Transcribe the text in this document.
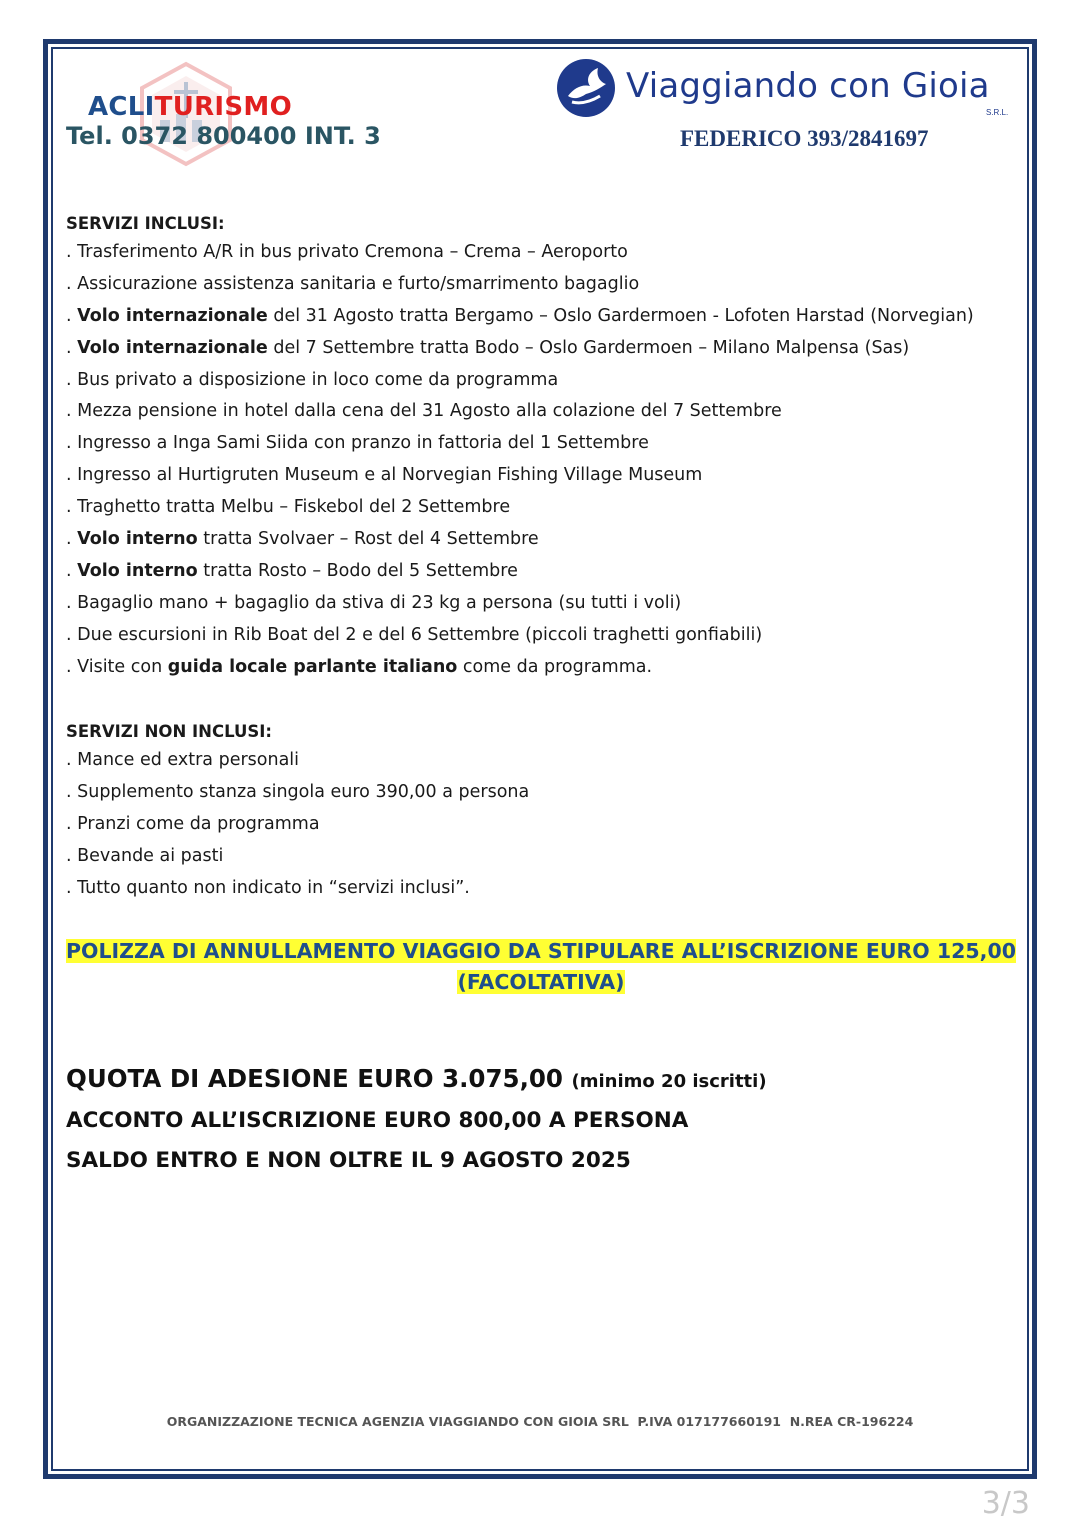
ACLITURISMO
Tel. 0372 800400 INT. 3
Viaggiando con Gioia
S.R.L.
FEDERICO 393/2841697
SERVIZI INCLUSI:
. Trasferimento A/R in bus privato Cremona – Crema – Aeroporto
. Assicurazione assistenza sanitaria e furto/smarrimento bagaglio
. Volo internazionale del 31 Agosto tratta Bergamo – Oslo Gardermoen - Lofoten Harstad (Norvegian)
. Volo internazionale del 7 Settembre tratta Bodo – Oslo Gardermoen – Milano Malpensa (Sas)
. Bus privato a disposizione in loco come da programma
. Mezza pensione in hotel dalla cena del 31 Agosto alla colazione del 7 Settembre
. Ingresso a Inga Sami Siida con pranzo in fattoria del 1 Settembre
. Ingresso al Hurtigruten Museum e al Norvegian Fishing Village Museum
. Traghetto tratta Melbu – Fiskebol del 2 Settembre
. Volo interno tratta Svolvaer – Rost del 4 Settembre
. Volo interno tratta Rosto – Bodo del 5 Settembre
. Bagaglio mano + bagaglio da stiva di 23 kg a persona (su tutti i voli)
. Due escursioni in Rib Boat del 2 e del 6 Settembre (piccoli traghetti gonfiabili)
. Visite con guida locale parlante italiano come da programma.
SERVIZI NON INCLUSI:
. Mance ed extra personali
. Supplemento stanza singola euro 390,00 a persona
. Pranzi come da programma
. Bevande ai pasti
. Tutto quanto non indicato in “servizi inclusi”.
POLIZZA DI ANNULLAMENTO VIAGGIO DA STIPULARE ALL’ISCRIZIONE EURO 125,00
(FACOLTATIVA)
QUOTA DI ADESIONE EURO 3.075,00 (minimo 20 iscritti)
ACCONTO ALL’ISCRIZIONE EURO 800,00 A PERSONA
SALDO ENTRO E NON OLTRE IL 9 AGOSTO 2025
ORGANIZZAZIONE TECNICA AGENZIA VIAGGIANDO CON GIOIA SRL  P.IVA 017177660191  N.REA CR-196224
3/3
